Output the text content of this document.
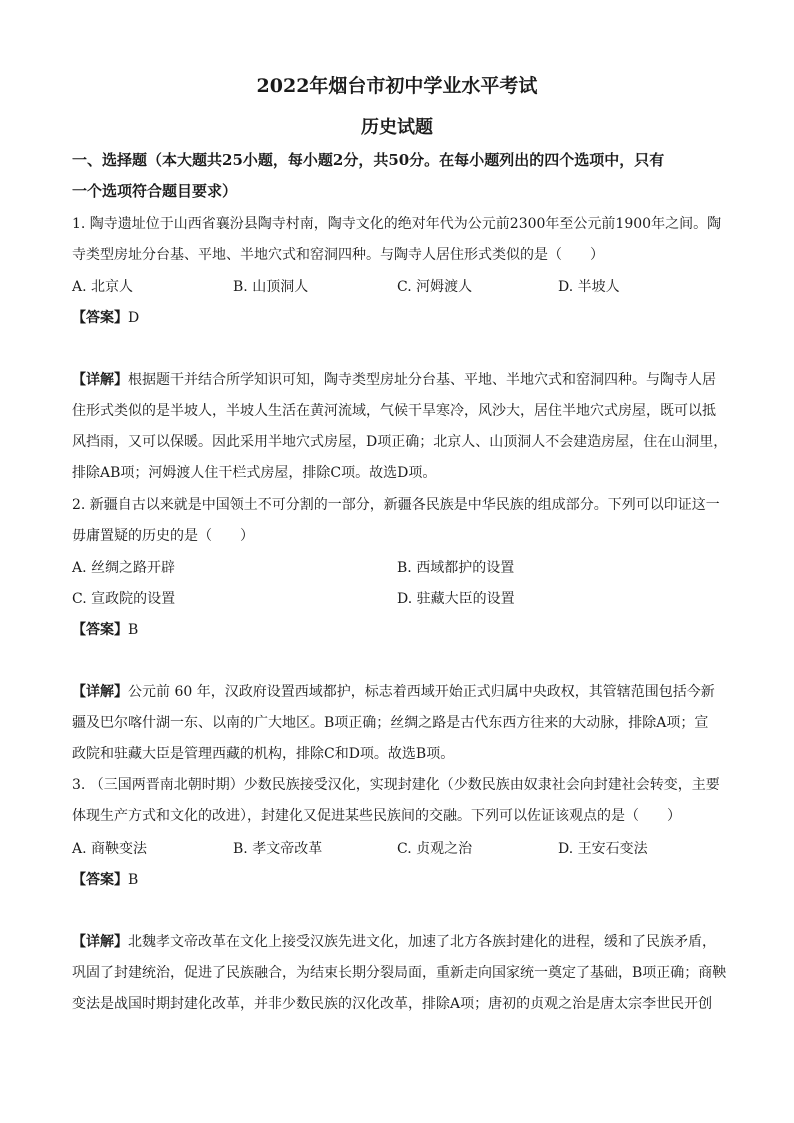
2022年烟台市初中学业水平考试
历史试题
一、选择题（本大题共25小题，每小题2分，共50分。在每小题列出的四个选项中，只有
一个选项符合题目要求）
1. 陶寺遗址位于山西省襄汾县陶寺村南，陶寺文化的绝对年代为公元前2300年至公元前1900年之间。陶
寺类型房址分台基、平地、半地穴式和窑洞四种。与陶寺人居住形式类似的是（　　）
A. 北京人	B. 山顶洞人	C. 河姆渡人	D. 半坡人
【答案】D
【详解】根据题干并结合所学知识可知，陶寺类型房址分台基、平地、半地穴式和窑洞四种。与陶寺人居
住形式类似的是半坡人，半坡人生活在黄河流域，气候干旱寒冷，风沙大，居住半地穴式房屋，既可以抵
风挡雨，又可以保暖。因此采用半地穴式房屋，D项正确；北京人、山顶洞人不会建造房屋，住在山洞里，
排除AB项；河姆渡人住干栏式房屋，排除C项。故选D项。
2. 新疆自古以来就是中国领土不可分割的一部分，新疆各民族是中华民族的组成部分。下列可以印证这一
毋庸置疑的历史的是（　　）
A. 丝绸之路开辟	B. 西域都护的设置
C. 宣政院的设置	D. 驻藏大臣的设置
【答案】B
【详解】公元前 60 年，汉政府设置西域都护，标志着西域开始正式归属中央政权，其管辖范围包括今新
疆及巴尔喀什湖一东、以南的广大地区。B项正确；丝绸之路是古代东西方往来的大动脉，排除A项；宣
政院和驻藏大臣是管理西藏的机构，排除C和D项。故选B项。
3. （三国两晋南北朝时期）少数民族接受汉化，实现封建化（少数民族由奴隶社会向封建社会转变，主要
体现生产方式和文化的改进），封建化又促进某些民族间的交融。下列可以佐证该观点的是（　　）
A. 商鞅变法	B. 孝文帝改革	C. 贞观之治	D. 王安石变法
【答案】B
【详解】北魏孝文帝改革在文化上接受汉族先进文化，加速了北方各族封建化的进程，缓和了民族矛盾，
巩固了封建统治，促进了民族融合，为结束长期分裂局面，重新走向国家统一奠定了基础，B项正确；商鞅
变法是战国时期封建化改革，并非少数民族的汉化改革，排除A项；唐初的贞观之治是唐太宗李世民开创
